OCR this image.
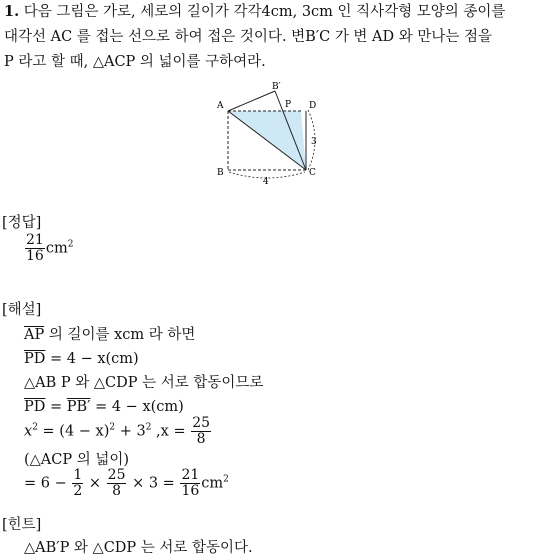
1. 다음 그림은 가로, 세로의 길이가 각각4cm, 3cm 인 직사각형 모양의 종이를
대각선 AC 를 접는 선으로 하여 접은 것이다. 변B′C 가 변 AD 와 만나는 점을
P 라고 할 때, △ACP 의 넓이를 구하여라.
A
B′
P D
B	C
3
4
[정답]
$\frac{21}{16} cm^2$
[해설]
$\overline{AP}$ 의 길이를 xcm 라 하면
$\overline{PD} = 4 - x(cm)$
△AB P 와 △CDP 는 서로 합동이므로
$\overline{PD} = PB' = 4 - x(cm)$
$x^2 = (4 - x)^2 + 3^2$ $,x = \frac{25}{8}$
(△ACP 의 넓이)
= $6 - \frac{1}{2} \times \frac{25}{8} \times 3 = \frac{21}{16} cm^2$
[힌트]
△AB′P 와 △CDP 는 서로 합동이다.
